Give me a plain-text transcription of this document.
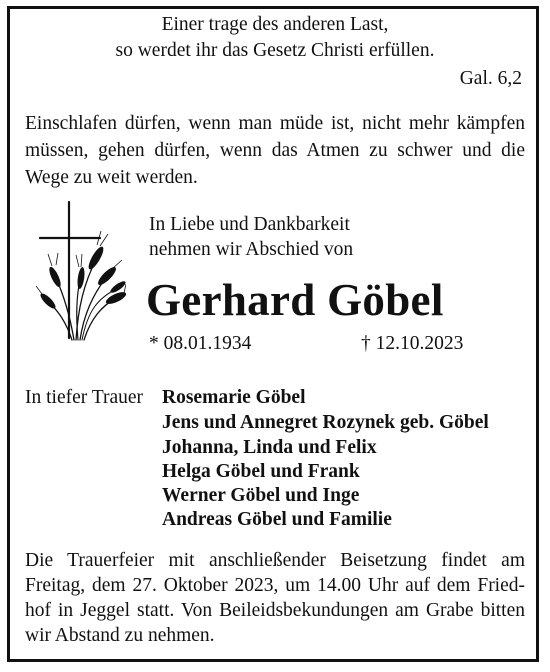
Einer trage des anderen Last,
so werdet ihr das Gesetz Christi erfüllen.
Gal. 6,2
Einschlafen dürfen, wenn man müde ist, nicht mehr kämpfen
müssen, gehen dürfen, wenn das Atmen zu schwer und die
Wege zu weit werden.
In Liebe und Dankbarkeit
nehmen wir Abschied von
Gerhard Göbel
* 08.01.1934	† 12.10.2023
In tiefer Trauer Rosemarie Göbel
Jens und Annegret Rozynek geb. Göbel
Johanna, Linda und Felix
Helga Göbel und Frank
Werner Göbel und Inge
Andreas Göbel und Familie
Die Trauerfeier mit anschließender Beisetzung findet am
Freitag, dem 27. Oktober 2023, um 14.00 Uhr auf dem Fried-
hof in Jeggel statt. Von Beileidsbekundungen am Grabe bitten
wir Abstand zu nehmen.
